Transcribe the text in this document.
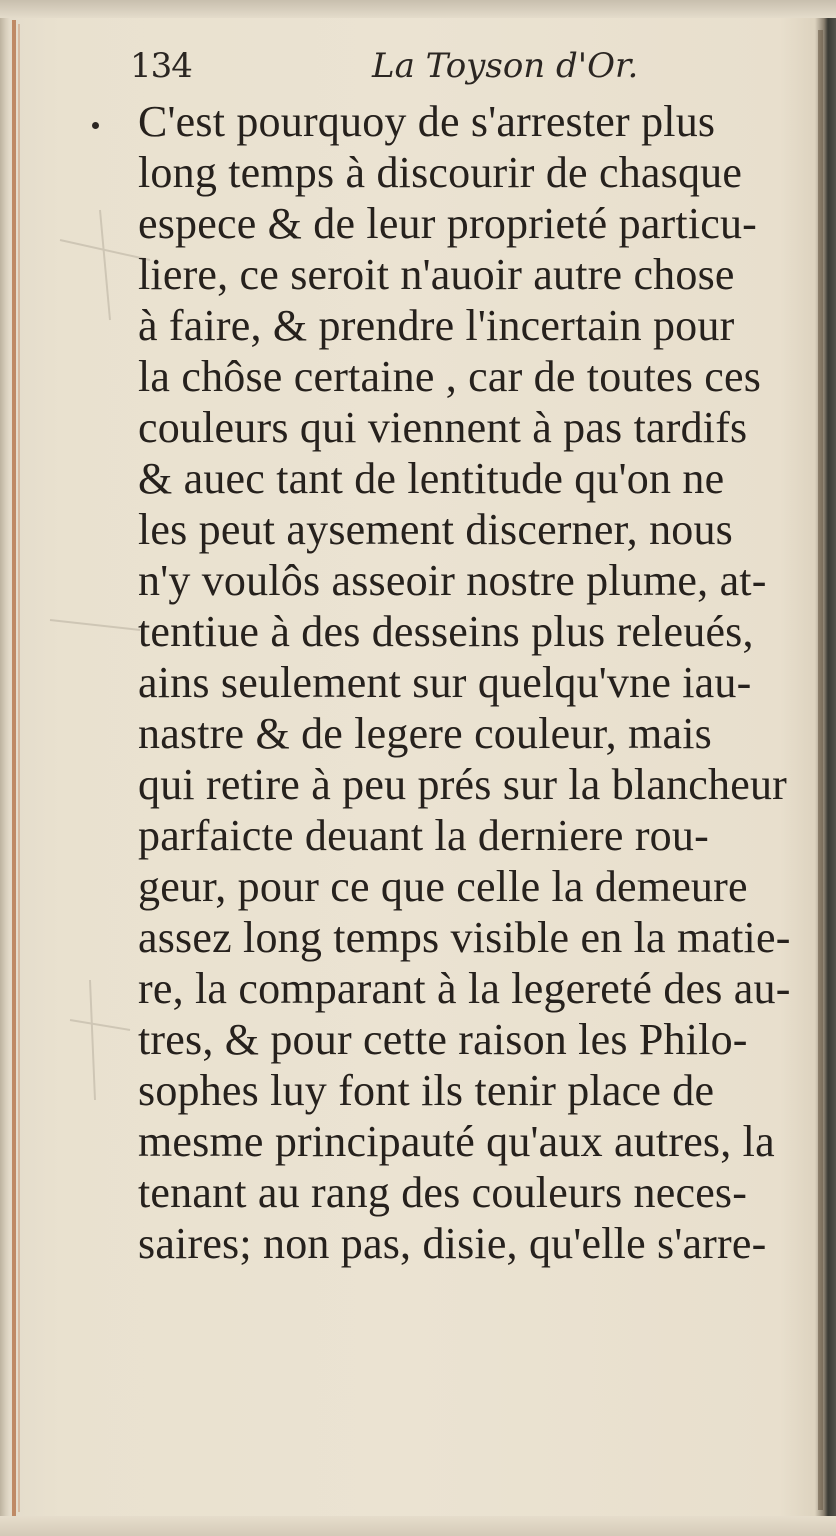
134	La Toyson d'Or.
C'est pourquoy de s'arrester plus
long temps à discourir de chasque
espece & de leur proprieté particu-
liere, ce seroit n'auoir autre chose
à faire, & prendre l'incertain pour
la chôse certaine , car de toutes ces
couleurs qui viennent à pas tardifs
& auec tant de lentitude qu'on ne
les peut aysement discerner, nous
n'y voulôs asseoir nostre plume, at-
tentiue à des desseins plus releués,
ains seulement sur quelqu'vne iau-
nastre & de legere couleur, mais
qui retire à peu prés sur la blancheur
parfaicte deuant la derniere rou-
geur, pour ce que celle la demeure
assez long temps visible en la matie-
re, la comparant à la legereté des au-
tres, & pour cette raison les Philo-
sophes luy font ils tenir place de
mesme principauté qu'aux autres, la
tenant au rang des couleurs neces-
saires; non pas, disie, qu'elle s'arre-
